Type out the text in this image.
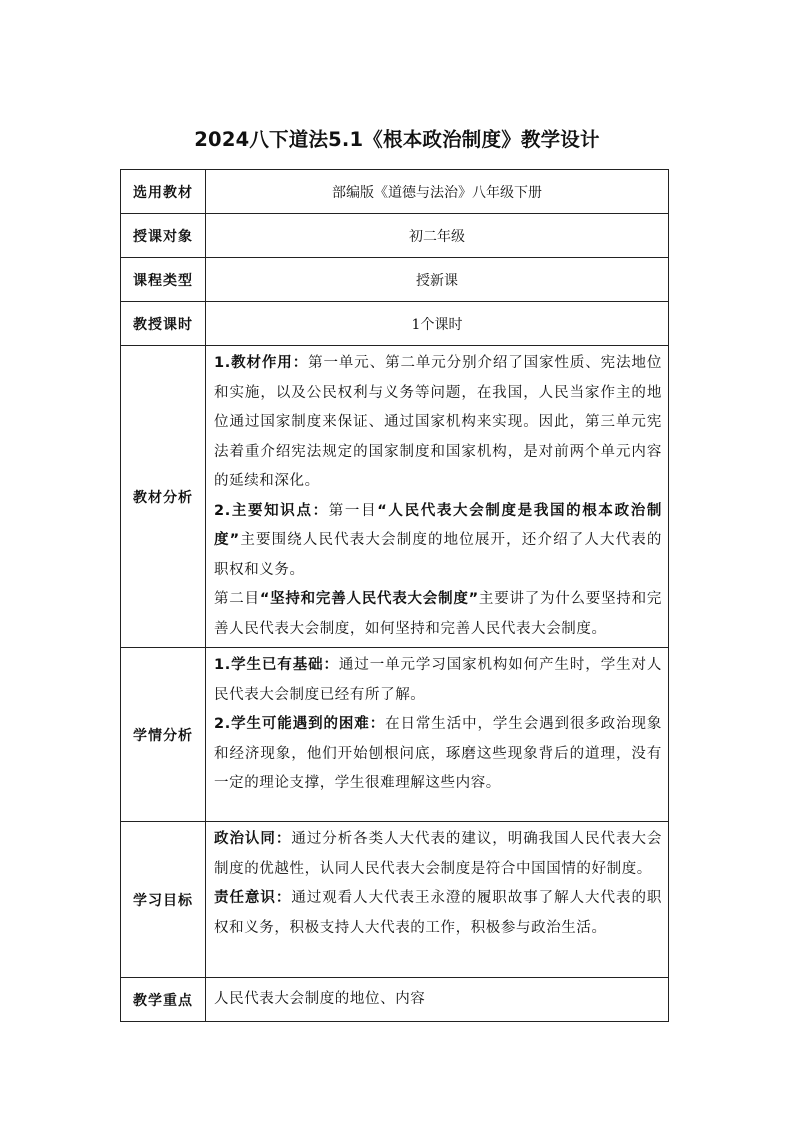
2024八下道法5.1《根本政治制度》教学设计
选用教材	部编版《道德与法治》八年级下册
授课对象	初二年级
课程类型	授新课
教授课时	1个课时
教材分析	1.教材作用：第一单元、第二单元分别介绍了国家性质、宪法地位和实施，以及公民权利与义务等问题，在我国，人民当家作主的地位通过国家制度来保证、通过国家机构来实现。因此，第三单元宪法着重介绍宪法规定的国家制度和国家机构，是对前两个单元内容的延续和深化。

2.主要知识点：第一目“人民代表大会制度是我国的根本政治制度”主要围绕人民代表大会制度的地位展开，还介绍了人大代表的职权和义务。

第二目“坚持和完善人民代表大会制度”主要讲了为什么要坚持和完善人民代表大会制度，如何坚持和完善人民代表大会制度。

学情分析	1.学生已有基础：通过一单元学习国家机构如何产生时，学生对人民代表大会制度已经有所了解。

2.学生可能遇到的困难：在日常生活中，学生会遇到很多政治现象和经济现象，他们开始刨根问底，琢磨这些现象背后的道理，没有一定的理论支撑，学生很难理解这些内容。

学习目标	政治认同：通过分析各类人大代表的建议，明确我国人民代表大会制度的优越性，认同人民代表大会制度是符合中国国情的好制度。

责任意识：通过观看人大代表王永澄的履职故事了解人大代表的职权和义务，积极支持人大代表的工作，积极参与政治生活。

教学重点	人民代表大会制度的地位、内容
